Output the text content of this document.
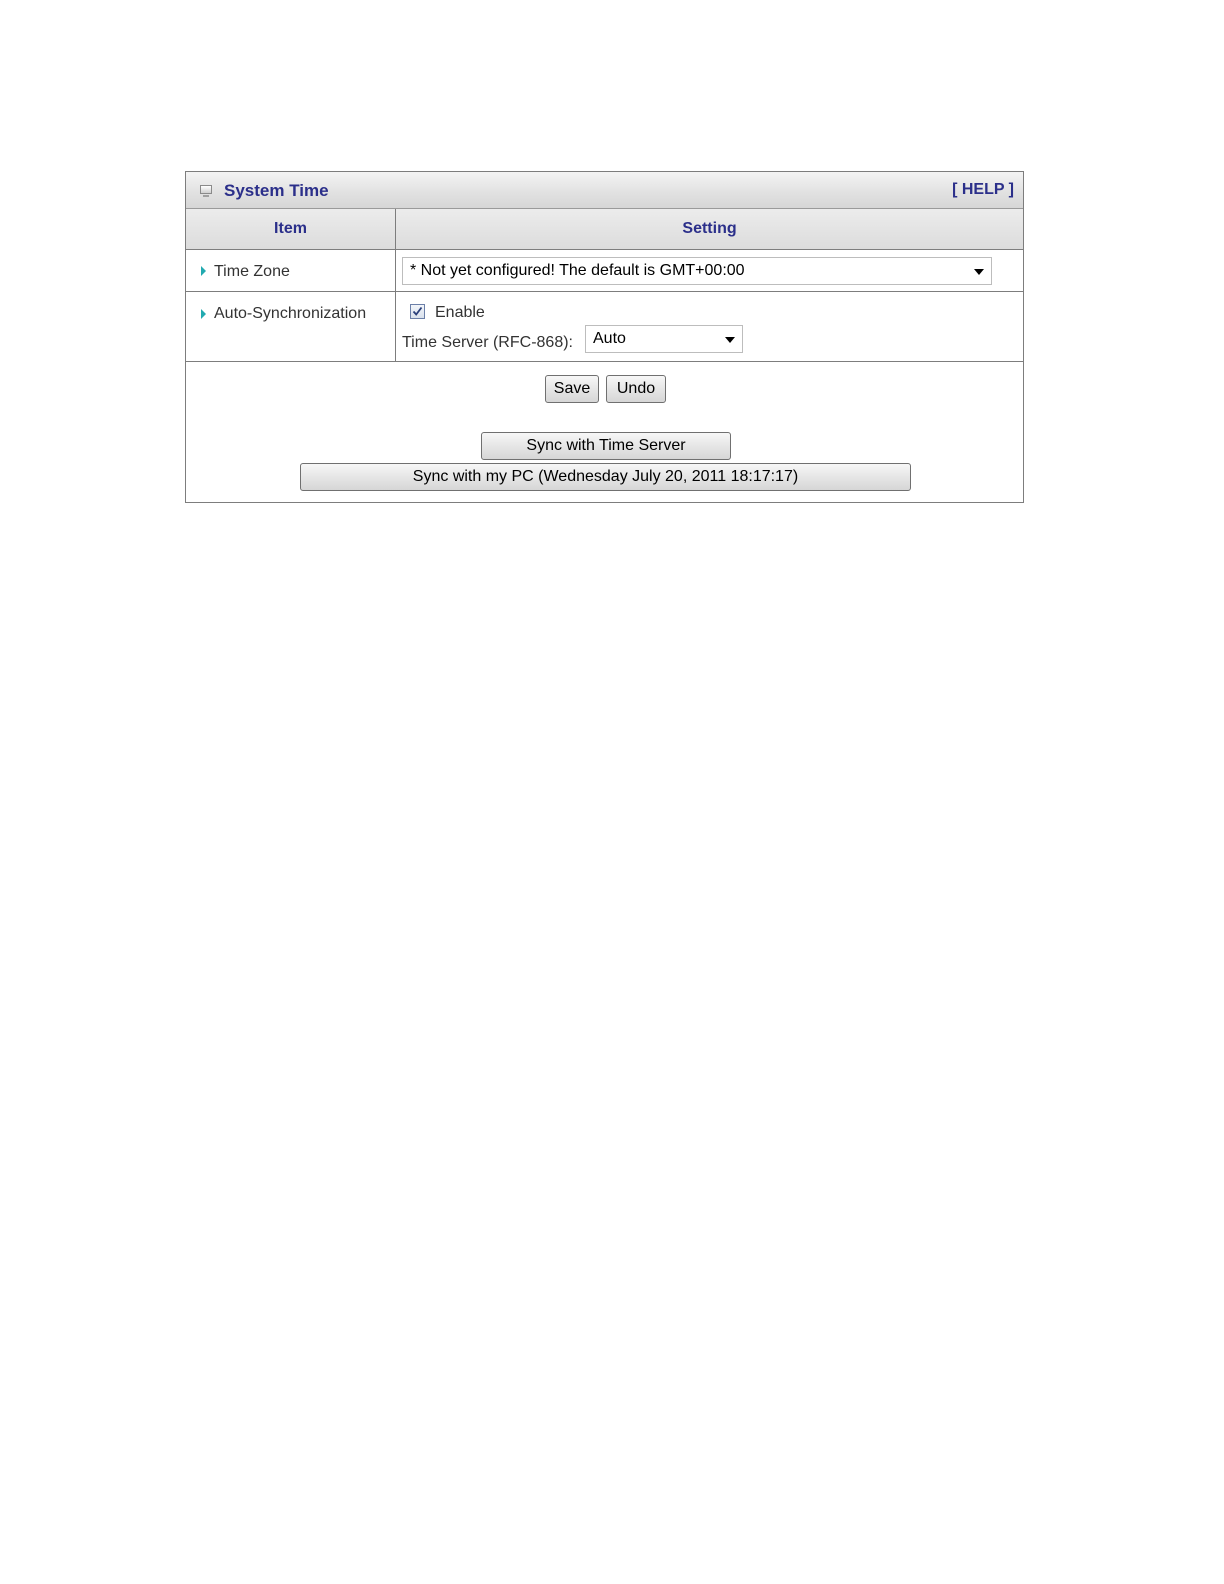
System Time	[ HELP ]
Item	Setting
Time Zone	* Not yet configured! The default is GMT+00:00
Auto-Synchronization	Enable
Time Server (RFC-868): Auto
Save	Undo
Sync with Time Server
Sync with my PC (Wednesday July 20, 2011 18:17:17)
